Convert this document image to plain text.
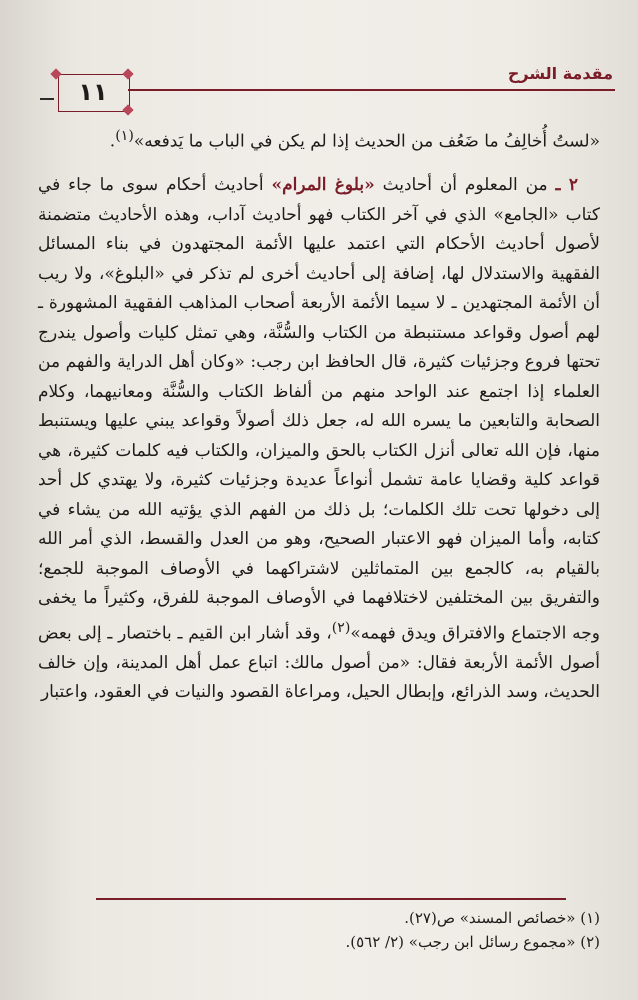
مقدمة الشرح
١١

«لستُ أُخالِفُ ما ضَعُف من الحديث إذا لم يكن في الباب ما يَدفعه»$^{(١)}$.

٢ ـ من المعلوم أن أحاديث «بلوغ المرام» أحاديث أحكام سوى ما جاء في كتاب «الجامع» الذي في آخر الكتاب فهو أحاديث آداب، وهذه الأحاديث متضمنة لأصول أحاديث الأحكام التي اعتمد عليها الأئمة المجتهدون في بناء المسائل الفقهية والاستدلال لها، إضافة إلى أحاديث أخرى لم تذكر في «البلوغ»، ولا ريب أن الأئمة المجتهدين ـ لا سيما الأئمة الأربعة أصحاب المذاهب الفقهية المشهورة ـ لهم أصول وقواعد مستنبطة من الكتاب والسُّنَّة، وهي تمثل كليات وأصول يندرج تحتها فروع وجزئيات كثيرة، قال الحافظ ابن رجب: «وكان أهل الدراية والفهم من العلماء إذا اجتمع عند الواحد منهم من ألفاظ الكتاب والسُّنَّة ومعانيهما، وكلام الصحابة والتابعين ما يسره الله له، جعل ذلك أصولاً وقواعد يبني عليها ويستنبط منها، فإن الله تعالى أنزل الكتاب بالحق والميزان، والكتاب فيه كلمات كثيرة، هي قواعد كلية وقضايا عامة تشمل أنواعاً عديدة وجزئيات كثيرة، ولا يهتدي كل أحد إلى دخولها تحت تلك الكلمات؛ بل ذلك من الفهم الذي يؤتيه الله من يشاء في كتابه، وأما الميزان فهو الاعتبار الصحيح، وهو من العدل والقسط، الذي أمر الله بالقيام به، كالجمع بين المتماثلين لاشتراكهما في الأوصاف الموجبة للجمع؛ والتفريق بين المختلفين لاختلافهما في الأوصاف الموجبة للفرق، وكثيراً ما يخفى وجه الاجتماع والافتراق ويدق فهمه»$^{(٢)}$، وقد أشار ابن القيم ـ باختصار ـ إلى بعض أصول الأئمة الأربعة فقال: «من أصول مالك: اتباع عمل أهل المدينة، وإن خالف الحديث، وسد الذرائع، وإبطال الحيل، ومراعاة القصود والنيات في العقود، واعتبار

(١) «خصائص المسند» ص(٢٧).
(٢) «مجموع رسائل ابن رجب» (٢/ ٥٦٢).
